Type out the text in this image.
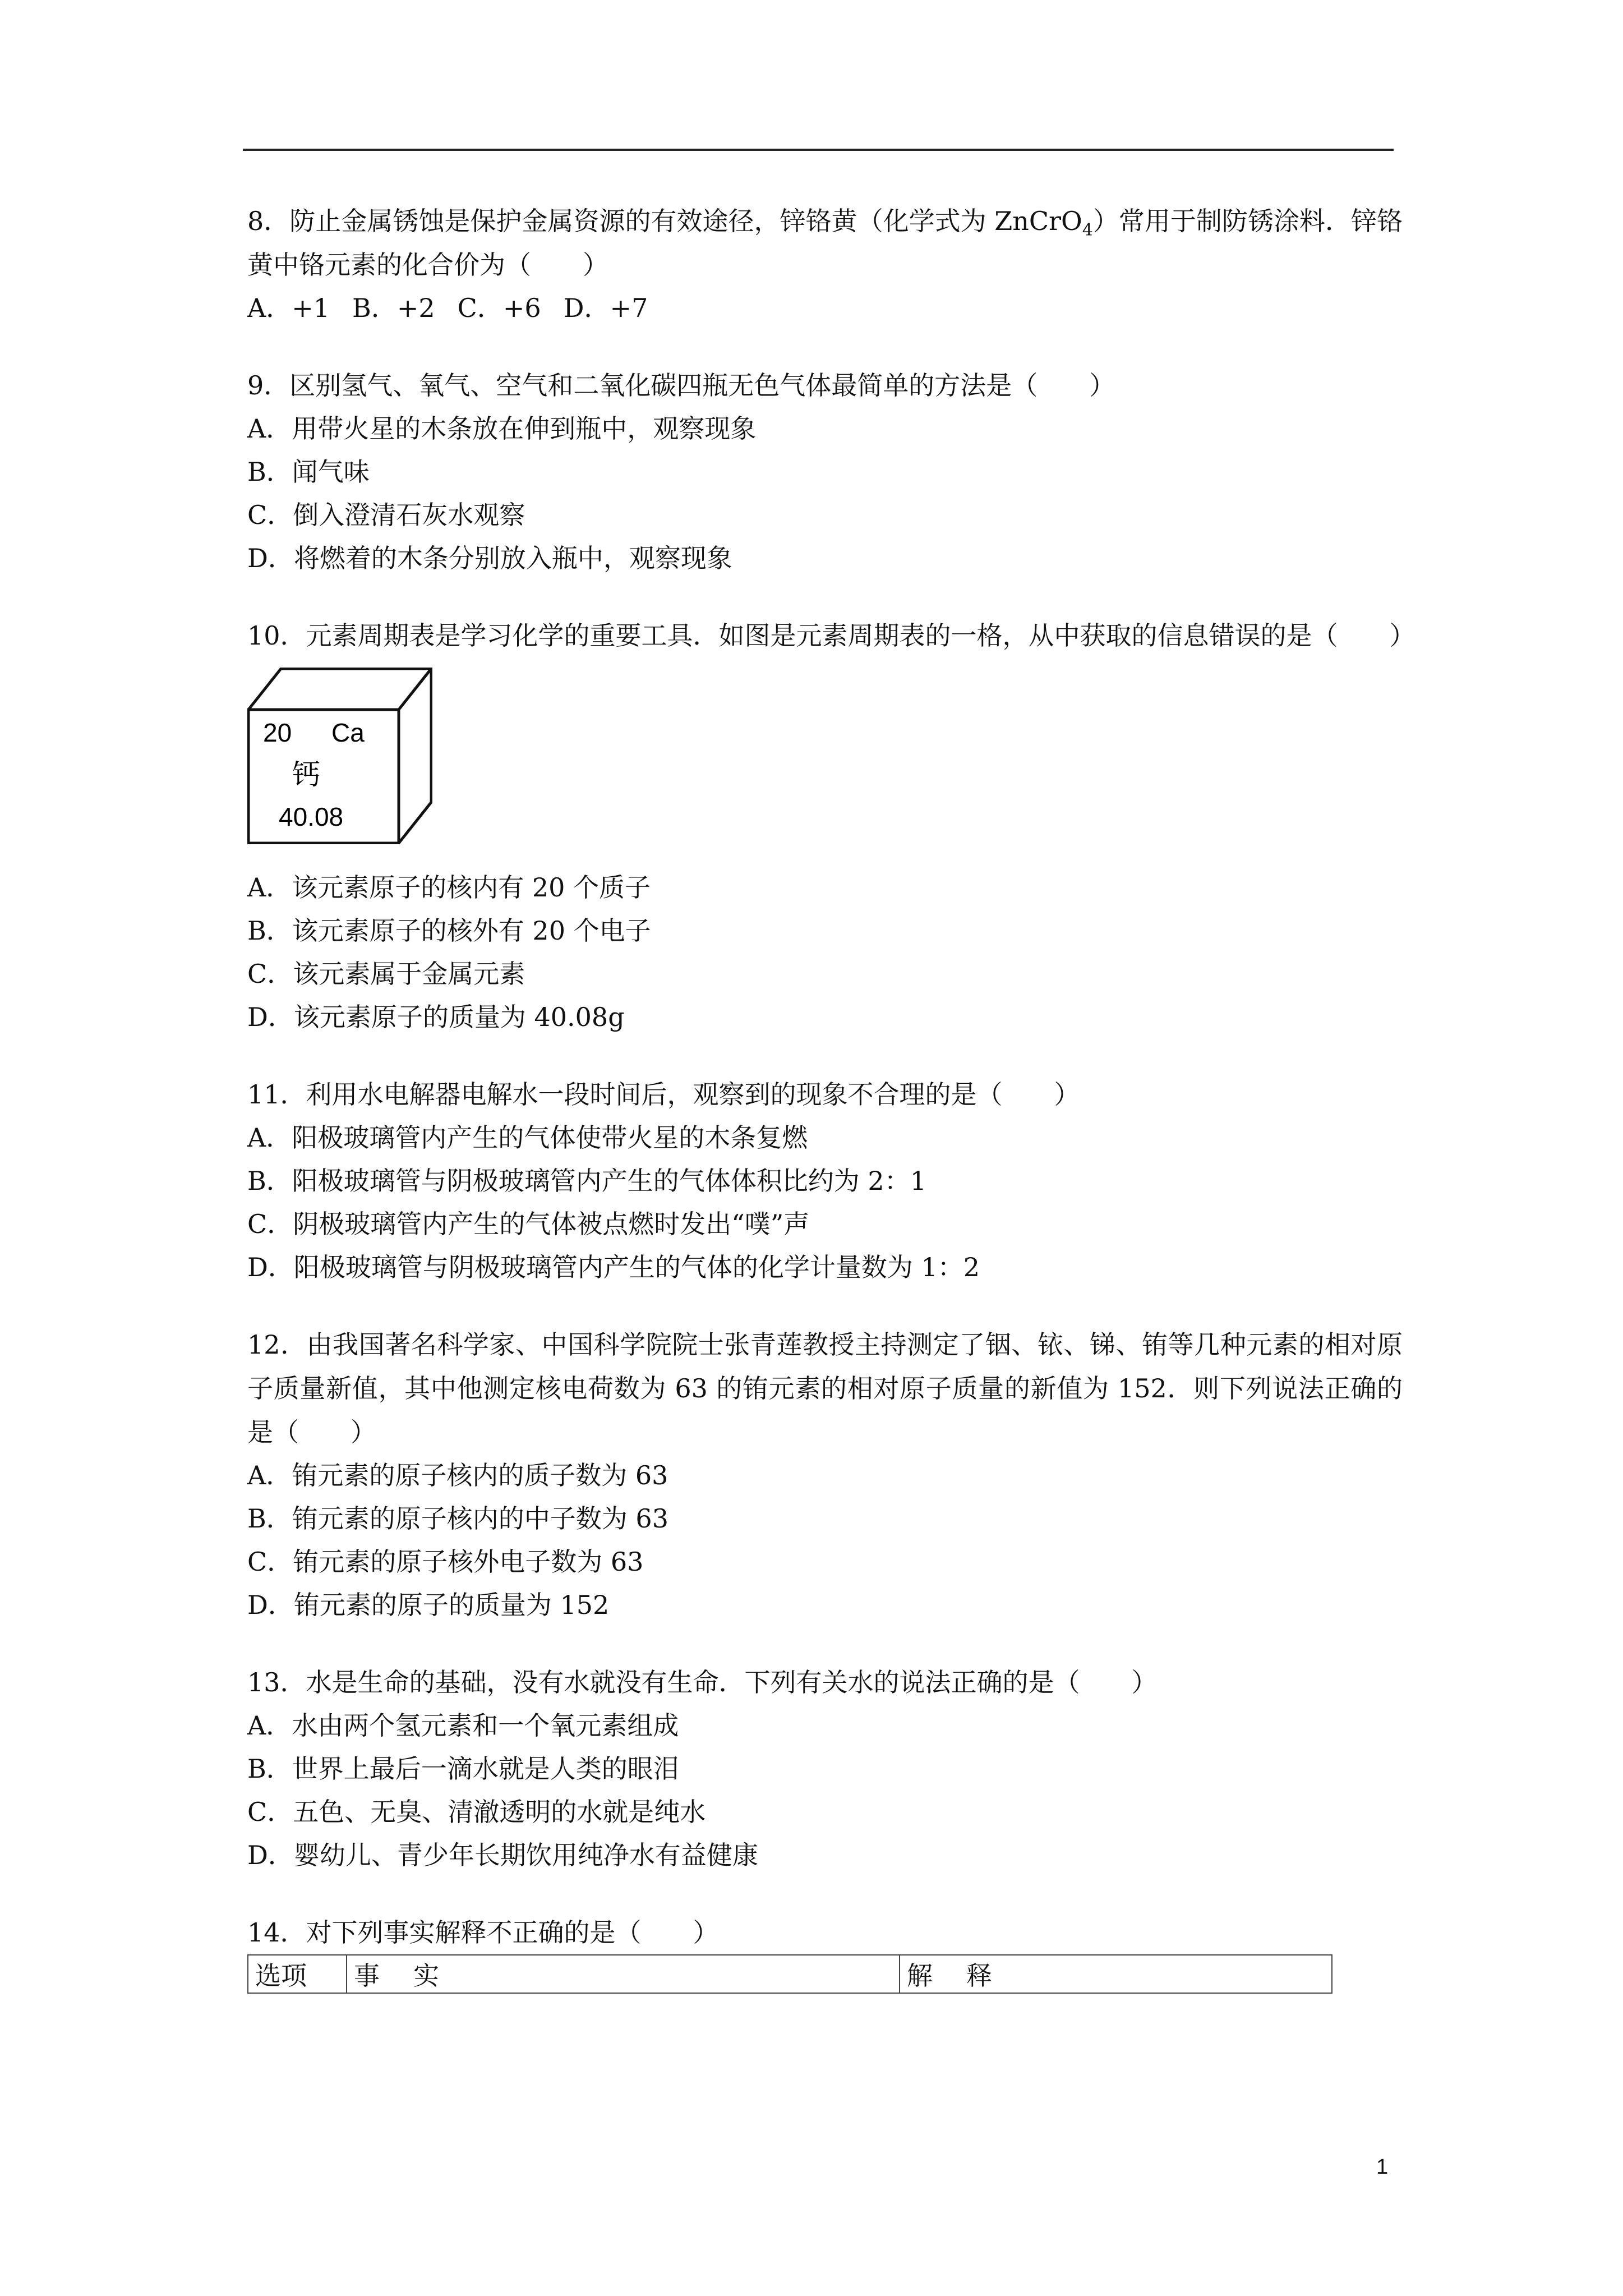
8．防止金属锈蚀是保护金属资源的有效途径，锌铬黄（化学式为 ZnCrO$_4$）常用于制防锈涂料．锌铬黄中铬元素的化合价为（　　）
A．+1 B．+2 C．+6 D．+7
9．区别氢气、氧气、空气和二氧化碳四瓶无色气体最简单的方法是（　　）
A．用带火星的木条放在伸到瓶中，观察现象
B．闻气味
C．倒入澄清石灰水观察
D．将燃着的木条分别放入瓶中，观察现象
10．元素周期表是学习化学的重要工具．如图是元素周期表的一格，从中获取的信息错误的是（　　）
20 Ca
钙
40.08
A．该元素原子的核内有 20 个质子
B．该元素原子的核外有 20 个电子
C．该元素属于金属元素
D．该元素原子的质量为 40.08g
11．利用水电解器电解水一段时间后，观察到的现象不合理的是（　　）
A．阳极玻璃管内产生的气体使带火星的木条复燃
B．阳极玻璃管与阴极玻璃管内产生的气体体积比约为 2：1
C．阴极玻璃管内产生的气体被点燃时发出“噗”声
D．阳极玻璃管与阴极玻璃管内产生的气体的化学计量数为 1：2
12．由我国著名科学家、中国科学院院士张青莲教授主持测定了铟、铱、锑、铕等几种元素的相对原子质量新值，其中他测定核电荷数为 63 的铕元素的相对原子质量的新值为 152．则下列说法正确的是（　　）
A．铕元素的原子核内的质子数为 63
B．铕元素的原子核内的中子数为 63
C．铕元素的原子核外电子数为 63
D．铕元素的原子的质量为 152
13．水是生命的基础，没有水就没有生命．下列有关水的说法正确的是（　　）
A．水由两个氢元素和一个氧元素组成
B．世界上最后一滴水就是人类的眼泪
C．五色、无臭、清澈透明的水就是纯水
D．婴幼儿、青少年长期饮用纯净水有益健康
14．对下列事实解释不正确的是（　　）
选项	事实	解释
1
